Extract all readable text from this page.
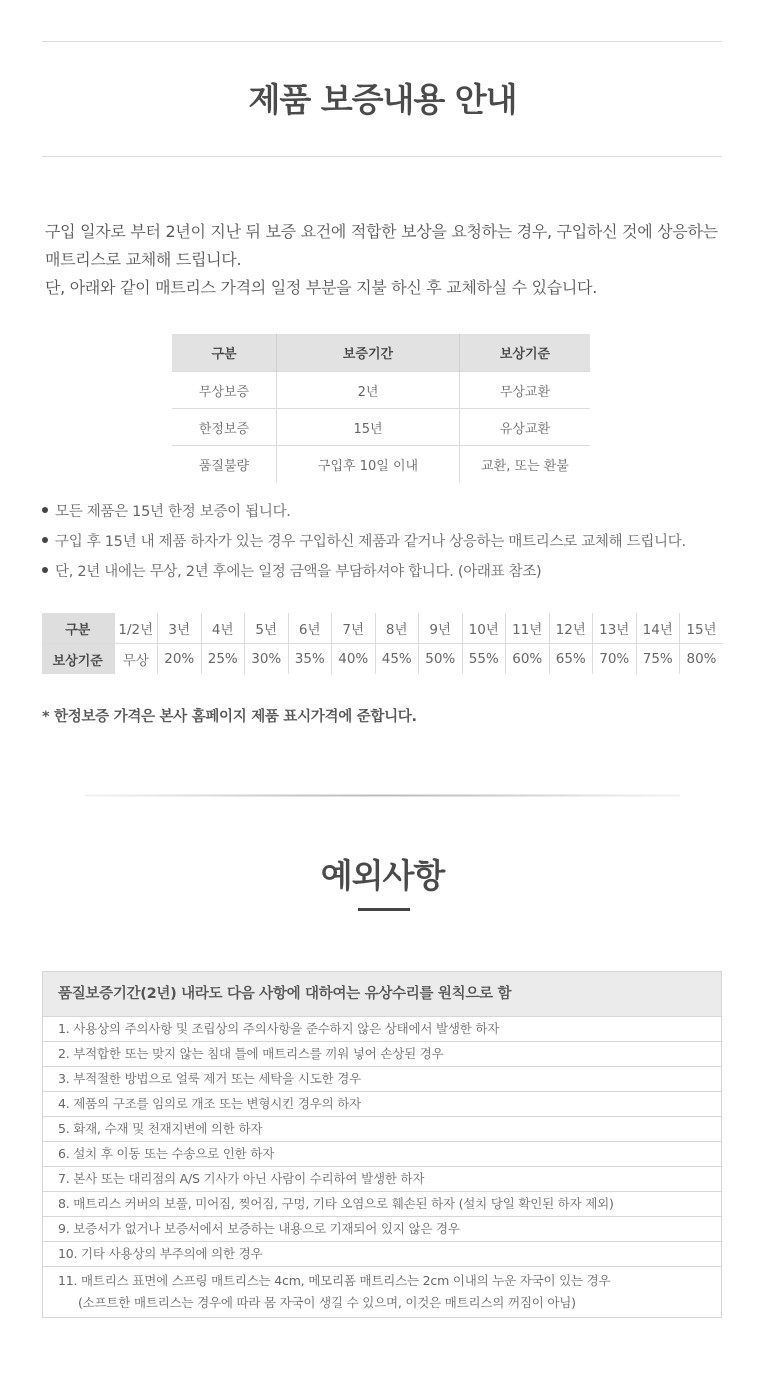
제품 보증내용 안내
구입 일자로 부터 2년이 지난 뒤 보증 요건에 적합한 보상을 요청하는 경우, 구입하신 것에 상응하는
매트리스로 교체해 드립니다.
단, 아래와 같이 매트리스 가격의 일정 부분을 지불 하신 후 교체하실 수 있습니다.
구분	보증기간	보상기준
무상보증	2년	무상교환
한정보증	15년	유상교환
품질불량	구입후 10일 이내	교환, 또는 환불
모든 제품은 15년 한정 보증이 됩니다.
구입 후 15년 내 제품 하자가 있는 경우 구입하신 제품과 같거나 상응하는 매트리스로 교체해 드립니다.
단, 2년 내에는 무상, 2년 후에는 일정 금액을 부담하셔야 합니다. (아래표 참조)
구분	1/2년	3년	4년	5년	6년	7년	8년	9년	10년	11년	12년	13년	14년	15년
보상기준	무상	20%	25%	30%	35%	40%	45%	50%	55%	60%	65%	70%	75%	80%
* 한정보증 가격은 본사 홈페이지 제품 표시가격에 준합니다.
예외사항
품질보증기간(2년) 내라도 다음 사항에 대하여는 유상수리를 원칙으로 함
1. 사용상의 주의사항 및 조립상의 주의사항을 준수하지 않은 상태에서 발생한 하자
2. 부적합한 또는 맞지 않는 침대 틀에 매트리스를 끼워 넣어 손상된 경우
3. 부적절한 방법으로 얼룩 제거 또는 세탁을 시도한 경우
4. 제품의 구조를 임의로 개조 또는 변형시킨 경우의 하자
5. 화재, 수재 및 천재지변에 의한 하자
6. 설치 후 이동 또는 수송으로 인한 하자
7. 본사 또는 대리점의 A/S 기사가 아닌 사람이 수리하여 발생한 하자
8. 매트리스 커버의 보풀, 미어짐, 찢어짐, 구멍, 기타 오염으로 훼손된 하자 (설치 당일 확인된 하자 제외)
9. 보증서가 없거나 보증서에서 보증하는 내용으로 기재되어 있지 않은 경우
10. 기타 사용상의 부주의에 의한 경우
11. 매트리스 표면에 스프링 매트리스는 4cm, 메모리폼 매트리스는 2cm 이내의 누운 자국이 있는 경우
(소프트한 매트리스는 경우에 따라 몸 자국이 생길 수 있으며, 이것은 매트리스의 꺼짐이 아님)
